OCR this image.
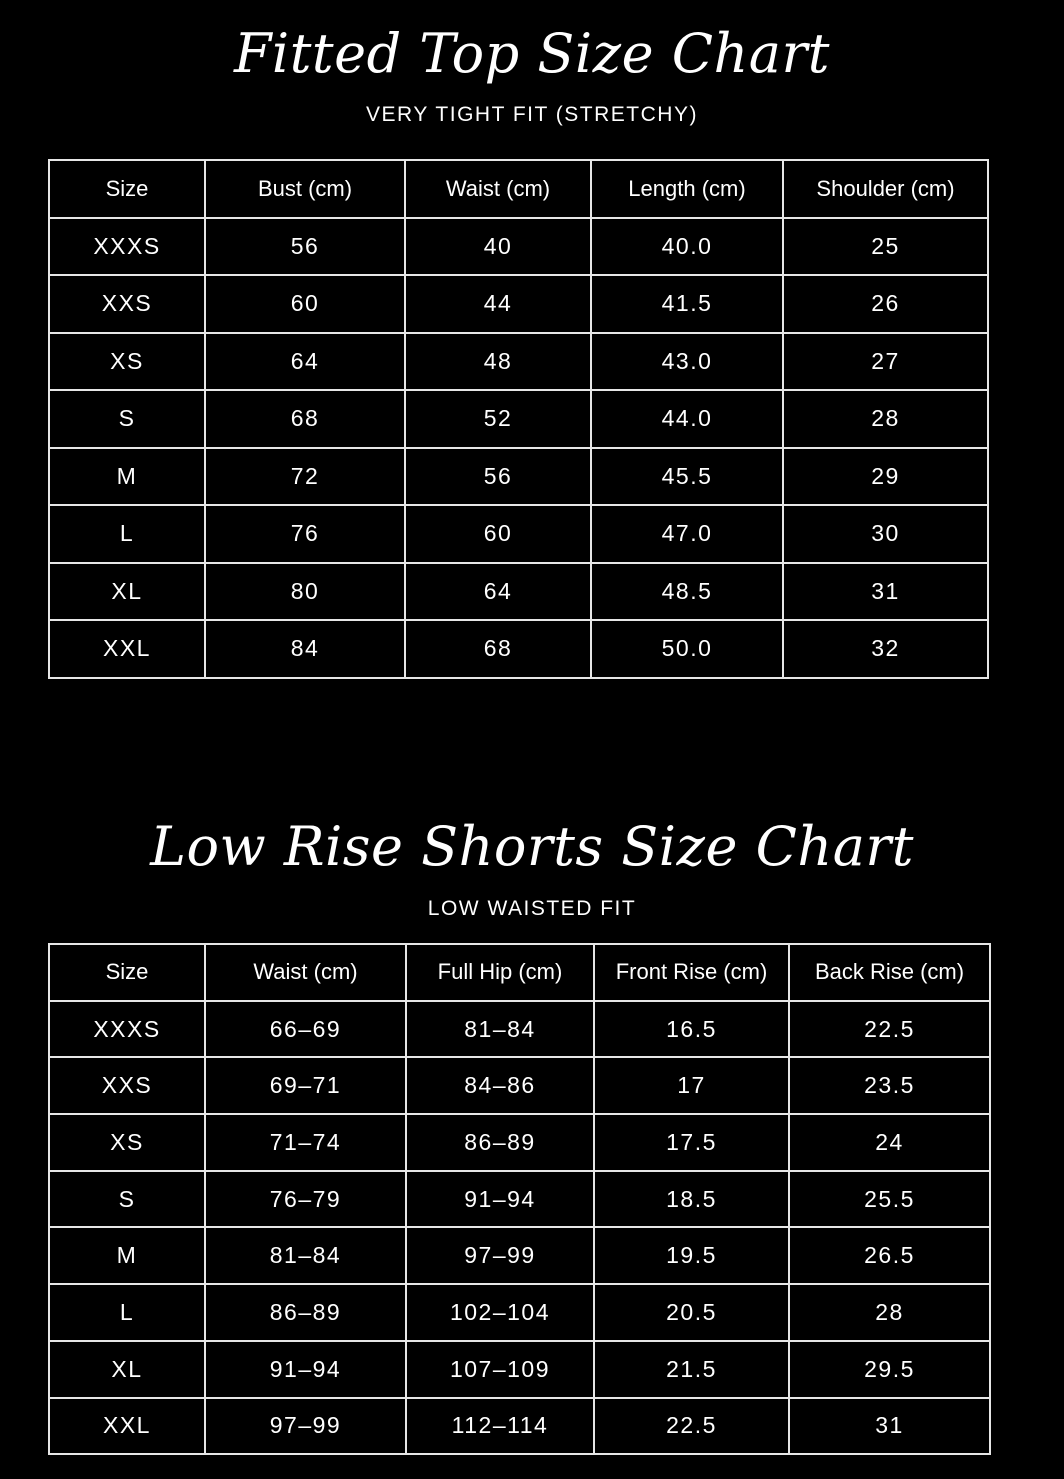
Fitted Top Size Chart
VERY TIGHT FIT (STRETCHY)
Size	Bust (cm)	Waist (cm)	Length (cm)	Shoulder (cm)
XXXS	56	40	40.0	25
XXS	60	44	41.5	26
XS	64	48	43.0	27
S	68	52	44.0	28
M	72	56	45.5	29
L	76	60	47.0	30
XL	80	64	48.5	31
XXL	84	68	50.0	32
Low Rise Shorts Size Chart
LOW WAISTED FIT
Size	Waist (cm)	Full Hip (cm)	Front Rise (cm)	Back Rise (cm)
XXXS	66–69	81–84	16.5	22.5
XXS	69–71	84–86	17	23.5
XS	71–74	86–89	17.5	24
S	76–79	91–94	18.5	25.5
M	81–84	97–99	19.5	26.5
L	86–89	102–104	20.5	28
XL	91–94	107–109	21.5	29.5
XXL	97–99	112–114	22.5	31
